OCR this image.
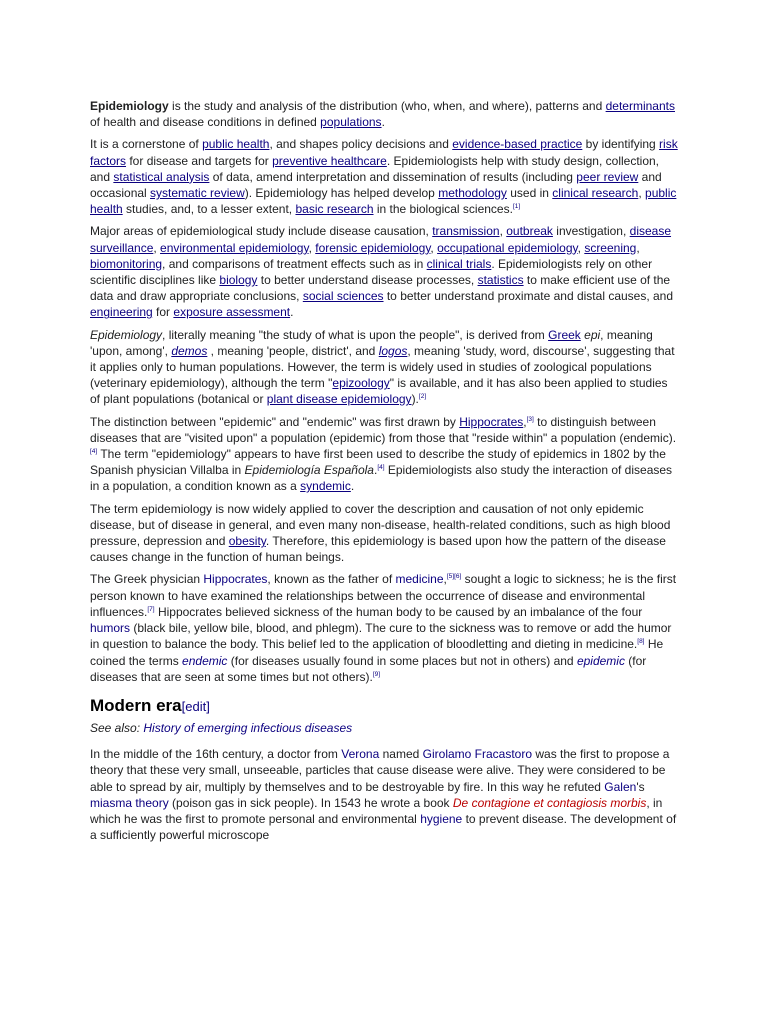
Epidemiology is the study and analysis of the distribution (who, when, and where), patterns and determinants of health and disease conditions in defined populations.

It is a cornerstone of public health, and shapes policy decisions and evidence-based practice by identifying risk factors for disease and targets for preventive healthcare. Epidemiologists help with study design, collection, and statistical analysis of data, amend interpretation and dissemination of results (including peer review and occasional systematic review). Epidemiology has helped develop methodology used in clinical research, public health studies, and, to a lesser extent, basic research in the biological sciences.[1]

Major areas of epidemiological study include disease causation, transmission, outbreak investigation, disease surveillance, environmental epidemiology, forensic epidemiology, occupational epidemiology, screening, biomonitoring, and comparisons of treatment effects such as in clinical trials. Epidemiologists rely on other scientific disciplines like biology to better understand disease processes, statistics to make efficient use of the data and draw appropriate conclusions, social sciences to better understand proximate and distal causes, and engineering for exposure assessment.

Epidemiology, literally meaning "the study of what is upon the people", is derived from Greek epi, meaning 'upon, among', demos , meaning 'people, district', and logos, meaning 'study, word, discourse', suggesting that it applies only to human populations. However, the term is widely used in studies of zoological populations (veterinary epidemiology), although the term "epizoology" is available, and it has also been applied to studies of plant populations (botanical or plant disease epidemiology).[2]

The distinction between "epidemic" and "endemic" was first drawn by Hippocrates,[3] to distinguish between diseases that are "visited upon" a population (epidemic) from those that "reside within" a population (endemic).[4] The term "epidemiology" appears to have first been used to describe the study of epidemics in 1802 by the Spanish physician Villalba in Epidemiología Española.[4] Epidemiologists also study the interaction of diseases in a population, a condition known as a syndemic.

The term epidemiology is now widely applied to cover the description and causation of not only epidemic disease, but of disease in general, and even many non-disease, health-related conditions, such as high blood pressure, depression and obesity. Therefore, this epidemiology is based upon how the pattern of the disease causes change in the function of human beings.

The Greek physician Hippocrates, known as the father of medicine,[5][6] sought a logic to sickness; he is the first person known to have examined the relationships between the occurrence of disease and environmental influences.[7] Hippocrates believed sickness of the human body to be caused by an imbalance of the four humors (black bile, yellow bile, blood, and phlegm). The cure to the sickness was to remove or add the humor in question to balance the body. This belief led to the application of bloodletting and dieting in medicine.[8] He coined the terms endemic (for diseases usually found in some places but not in others) and epidemic (for diseases that are seen at some times but not others).[9]

Modern era[edit]
See also: History of emerging infectious diseases

In the middle of the 16th century, a doctor from Verona named Girolamo Fracastoro was the first to propose a theory that these very small, unseeable, particles that cause disease were alive. They were considered to be able to spread by air, multiply by themselves and to be destroyable by fire. In this way he refuted Galen's miasma theory (poison gas in sick people). In 1543 he wrote a book De contagione et contagiosis morbis, in which he was the first to promote personal and environmental hygiene to prevent disease. The development of a sufficiently powerful microscope
